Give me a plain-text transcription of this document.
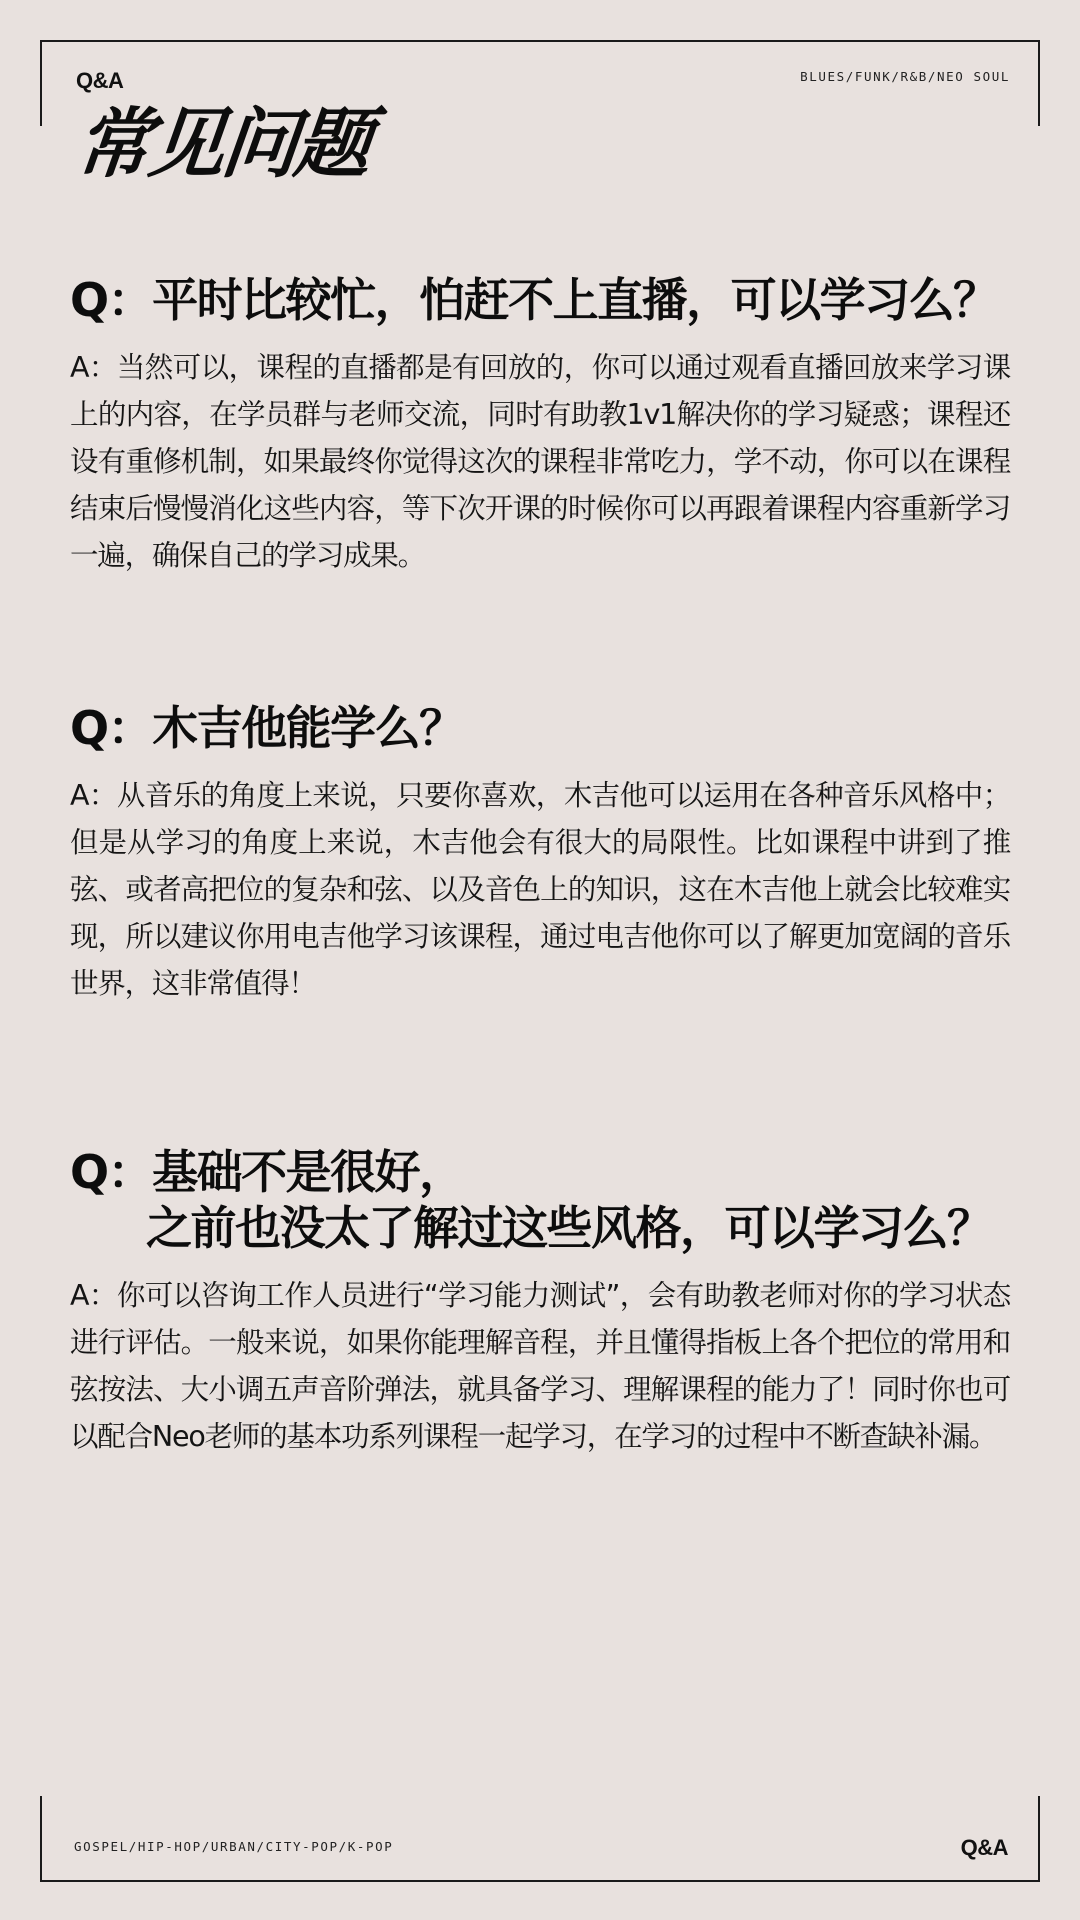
Q&A	BLUES/FUNK/R&B/NEO SOUL
常见问题
Q：平时比较忙，怕赶不上直播，可以学习么？

A：当然可以，课程的直播都是有回放的，你可以通过观看直播回放来学习课上的内容，在学员群与老师交流，同时有助教1v1解决你的学习疑惑；课程还设有重修机制，如果最终你觉得这次的课程非常吃力，学不动，你可以在课程结束后慢慢消化这些内容，等下次开课的时候你可以再跟着课程内容重新学习一遍，确保自己的学习成果。

Q：木吉他能学么？

A：从音乐的角度上来说，只要你喜欢，木吉他可以运用在各种音乐风格中；但是从学习的角度上来说，木吉他会有很大的局限性。比如课程中讲到了推弦、或者高把位的复杂和弦、以及音色上的知识，这在木吉他上就会比较难实现，所以建议你用电吉他学习该课程，通过电吉他你可以了解更加宽阔的音乐世界，这非常值得！

Q：基础不是很好，
之前也没太了解过这些风格，可以学习么？

A：你可以咨询工作人员进行“学习能力测试”，会有助教老师对你的学习状态进行评估。一般来说，如果你能理解音程，并且懂得指板上各个把位的常用和弦按法、大小调五声音阶弹法，就具备学习、理解课程的能力了！同时你也可以配合Neo老师的基本功系列课程一起学习，在学习的过程中不断查缺补漏。

GOSPEL/HIP-HOP/URBAN/CITY-POP/K-POP	Q&A
